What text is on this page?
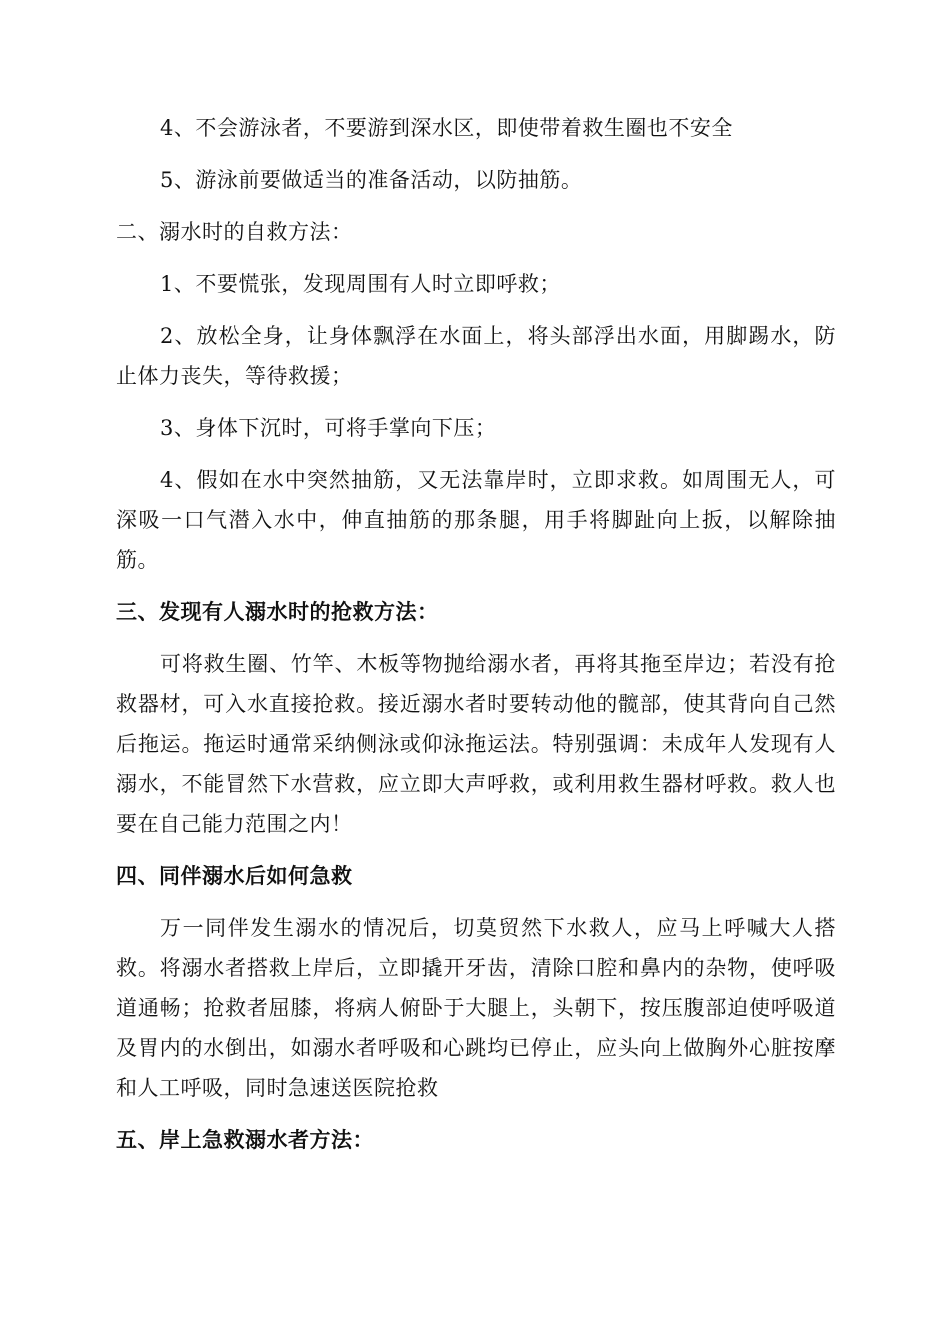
4、不会游泳者，不要游到深水区，即使带着救生圈也不安全

5、游泳前要做适当的准备活动，以防抽筋。

二、溺水时的自救方法：

1、不要慌张，发现周围有人时立即呼救；

2、放松全身，让身体飘浮在水面上，将头部浮出水面，用脚踢水，防止体力丧失，等待救援；

3、身体下沉时，可将手掌向下压；

4、假如在水中突然抽筋，又无法靠岸时，立即求救。如周围无人，可深吸一口气潜入水中，伸直抽筋的那条腿，用手将脚趾向上扳，以解除抽筋。

三、发现有人溺水时的抢救方法：

可将救生圈、竹竿、木板等物抛给溺水者，再将其拖至岸边；若没有抢救器材，可入水直接抢救。接近溺水者时要转动他的髋部，使其背向自己然后拖运。拖运时通常采纳侧泳或仰泳拖运法。特别强调：未成年人发现有人溺水，不能冒然下水营救，应立即大声呼救，或利用救生器材呼救。救人也要在自己能力范围之内！

四、同伴溺水后如何急救

万一同伴发生溺水的情况后，切莫贸然下水救人，应马上呼喊大人搭救。将溺水者搭救上岸后，立即撬开牙齿，清除口腔和鼻内的杂物，使呼吸道通畅；抢救者屈膝，将病人俯卧于大腿上，头朝下，按压腹部迫使呼吸道及胃内的水倒出，如溺水者呼吸和心跳均已停止，应头向上做胸外心脏按摩和人工呼吸，同时急速送医院抢救

五、岸上急救溺水者方法：
